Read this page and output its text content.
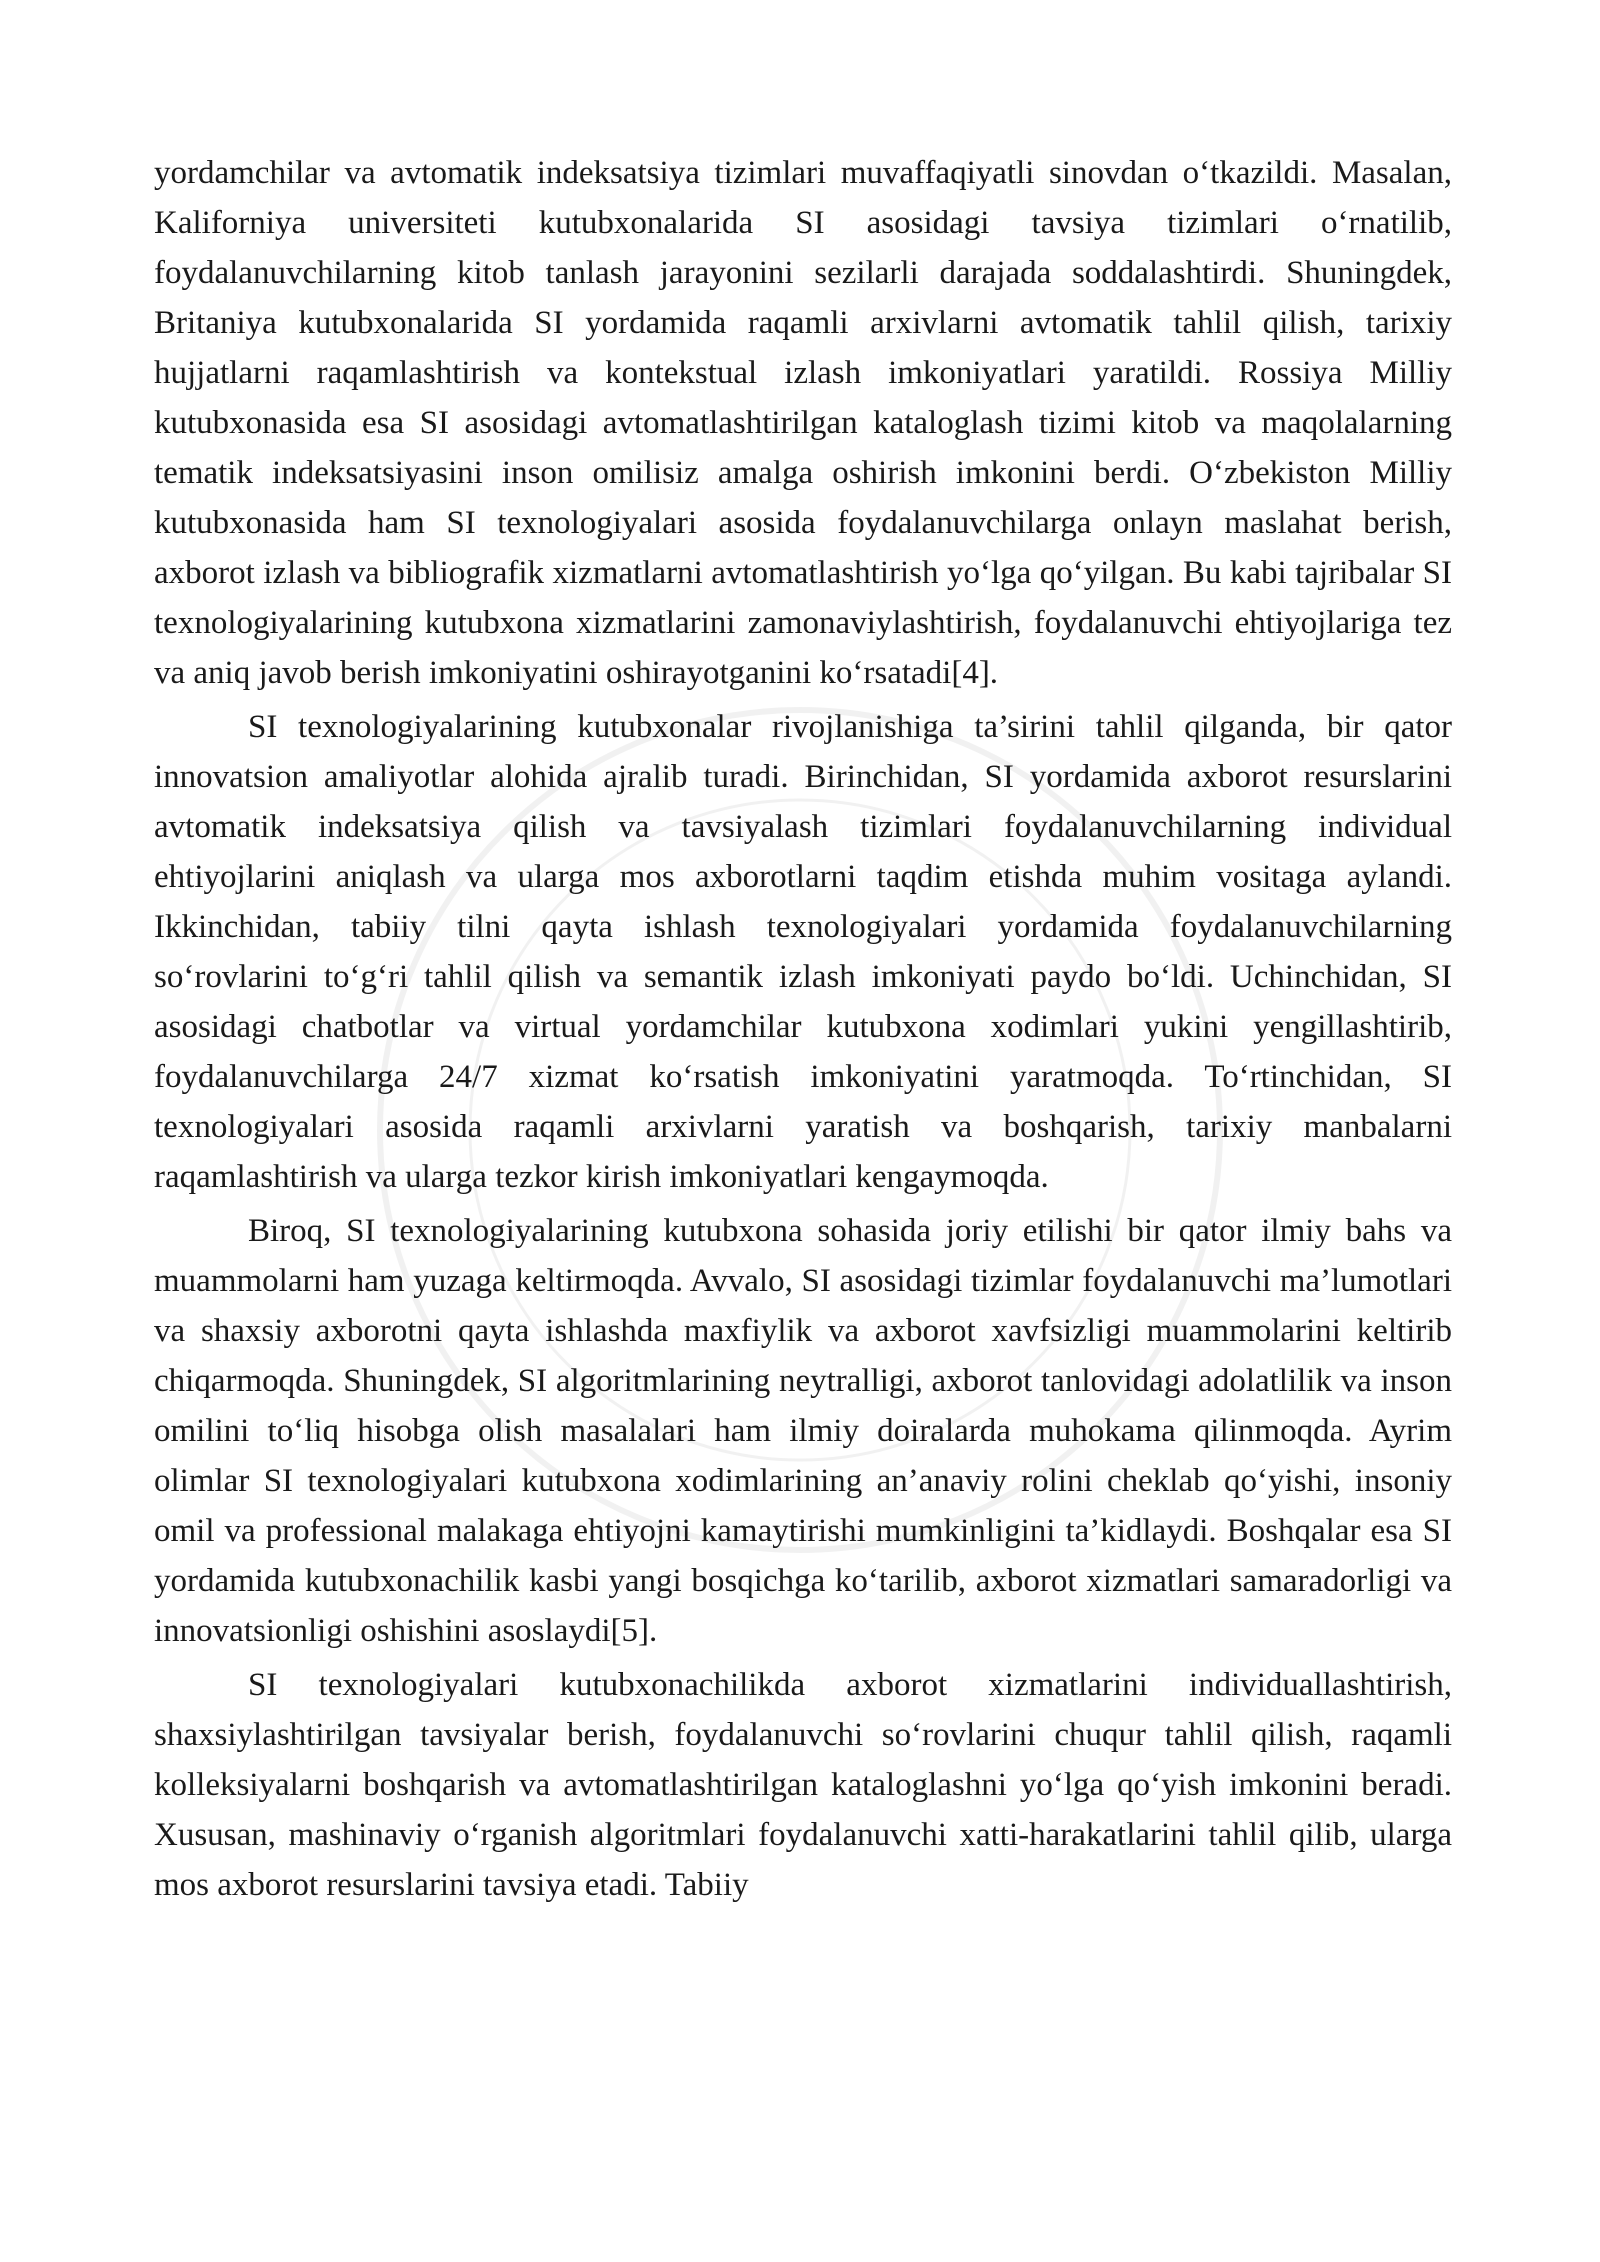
yordamchilar va avtomatik indeksatsiya tizimlari muvaffaqiyatli sinovdan o‘tkazildi. Masalan, Kaliforniya universiteti kutubxonalarida SI asosidagi tavsiya tizimlari o‘rnatilib, foydalanuvchilarning kitob tanlash jarayonini sezilarli darajada soddalashtirdi. Shuningdek, Britaniya kutubxonalarida SI yordamida raqamli arxivlarni avtomatik tahlil qilish, tarixiy hujjatlarni raqamlashtirish va kontekstual izlash imkoniyatlari yaratildi. Rossiya Milliy kutubxonasida esa SI asosidagi avtomatlashtirilgan kataloglash tizimi kitob va maqolalarning tematik indeksatsiyasini inson omilisiz amalga oshirish imkonini berdi. O‘zbekiston Milliy kutubxonasida ham SI texnologiyalari asosida foydalanuvchilarga onlayn maslahat berish, axborot izlash va bibliografik xizmatlarni avtomatlashtirish yo‘lga qo‘yilgan. Bu kabi tajribalar SI texnologiyalarining kutubxona xizmatlarini zamonaviylashtirish, foydalanuvchi ehtiyojlariga tez va aniq javob berish imkoniyatini oshirayotganini ko‘rsatadi[4].

SI texnologiyalarining kutubxonalar rivojlanishiga ta’sirini tahlil qilganda, bir qator innovatsion amaliyotlar alohida ajralib turadi. Birinchidan, SI yordamida axborot resurslarini avtomatik indeksatsiya qilish va tavsiyalash tizimlari foydalanuvchilarning individual ehtiyojlarini aniqlash va ularga mos axborotlarni taqdim etishda muhim vositaga aylandi. Ikkinchidan, tabiiy tilni qayta ishlash texnologiyalari yordamida foydalanuvchilarning so‘rovlarini to‘g‘ri tahlil qilish va semantik izlash imkoniyati paydo bo‘ldi. Uchinchidan, SI asosidagi chatbotlar va virtual yordamchilar kutubxona xodimlari yukini yengillashtirib, foydalanuvchilarga 24/7 xizmat ko‘rsatish imkoniyatini yaratmoqda. To‘rtinchidan, SI texnologiyalari asosida raqamli arxivlarni yaratish va boshqarish, tarixiy manbalarni raqamlashtirish va ularga tezkor kirish imkoniyatlari kengaymoqda.

Biroq, SI texnologiyalarining kutubxona sohasida joriy etilishi bir qator ilmiy bahs va muammolarni ham yuzaga keltirmoqda. Avvalo, SI asosidagi tizimlar foydalanuvchi ma’lumotlari va shaxsiy axborotni qayta ishlashda maxfiylik va axborot xavfsizligi muammolarini keltirib chiqarmoqda. Shuningdek, SI algoritmlarining neytralligi, axborot tanlovidagi adolatlilik va inson omilini to‘liq hisobga olish masalalari ham ilmiy doiralarda muhokama qilinmoqda. Ayrim olimlar SI texnologiyalari kutubxona xodimlarining an’anaviy rolini cheklab qo‘yishi, insoniy omil va professional malakaga ehtiyojni kamaytirishi mumkinligini ta’kidlaydi. Boshqalar esa SI yordamida kutubxonachilik kasbi yangi bosqichga ko‘tarilib, axborot xizmatlari samaradorligi va innovatsionligi oshishini asoslaydi[5].

SI texnologiyalari kutubxonachilikda axborot xizmatlarini individuallashtirish, shaxsiylashtirilgan tavsiyalar berish, foydalanuvchi so‘rovlarini chuqur tahlil qilish, raqamli kolleksiyalarni boshqarish va avtomatlashtirilgan kataloglashni yo‘lga qo‘yish imkonini beradi. Xususan, mashinaviy o‘rganish algoritmlari foydalanuvchi xatti-harakatlarini tahlil qilib, ularga mos axborot resurslarini tavsiya etadi. Tabiiy
